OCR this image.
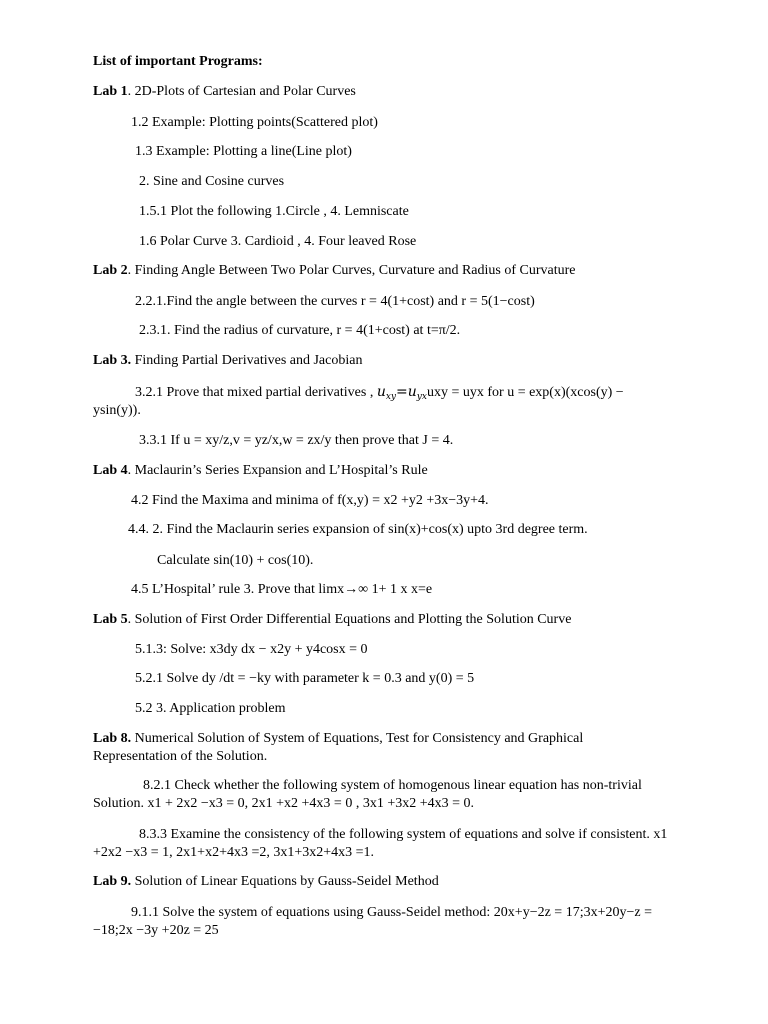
List of important Programs:
Lab 1. 2D-Plots of Cartesian and Polar Curves
1.2 Example: Plotting points(Scattered plot)
1.3 Example: Plotting a line(Line plot)
2. Sine and Cosine curves
1.5.1 Plot the following 1.Circle , 4. Lemniscate
1.6 Polar Curve 3. Cardioid , 4. Four leaved Rose
Lab 2. Finding Angle Between Two Polar Curves, Curvature and Radius of Curvature
2.2.1.Find the angle between the curves r = 4(1+cost) and r = 5(1−cost)
2.3.1. Find the radius of curvature, r = 4(1+cost) at t=π/2.
Lab 3. Finding Partial Derivatives and Jacobian
3.2.1 Prove that mixed partial derivatives , $u_{xy}=u_{yx}uxy$ = uyx for u = exp(x)(xcos(y) −
ysin(y)).
3.3.1 If u = xy/z,v = yz/x,w = zx/y then prove that J = 4.
Lab 4. Maclaurin’s Series Expansion and L’Hospital’s Rule
4.2 Find the Maxima and minima of f(x,y) = x2 +y2 +3x−3y+4.
4.4. 2. Find the Maclaurin series expansion of sin(x)+cos(x) upto 3rd degree term.
Calculate sin(10) + cos(10).
4.5 L’Hospital’ rule 3. Prove that limx→∞ 1+ 1 x x=e
Lab 5. Solution of First Order Differential Equations and Plotting the Solution Curve
5.1.3: Solve: x3dy dx − x2y + y4cosx = 0
5.2.1 Solve dy /dt = −ky with parameter k = 0.3 and y(0) = 5
5.2 3. Application problem
Lab 8. Numerical Solution of System of Equations, Test for Consistency and Graphical Representation of the Solution.
8.2.1 Check whether the following system of homogenous linear equation has non-trivial Solution. x1 + 2x2 −x3 = 0, 2x1 +x2 +4x3 = 0 , 3x1 +3x2 +4x3 = 0.
8.3.3 Examine the consistency of the following system of equations and solve if consistent. x1 +2x2 −x3 = 1, 2x1+x2+4x3 =2, 3x1+3x2+4x3 =1.
Lab 9. Solution of Linear Equations by Gauss-Seidel Method
9.1.1 Solve the system of equations using Gauss-Seidel method: 20x+y−2z = 17;3x+20y−z = −18;2x −3y +20z = 25
